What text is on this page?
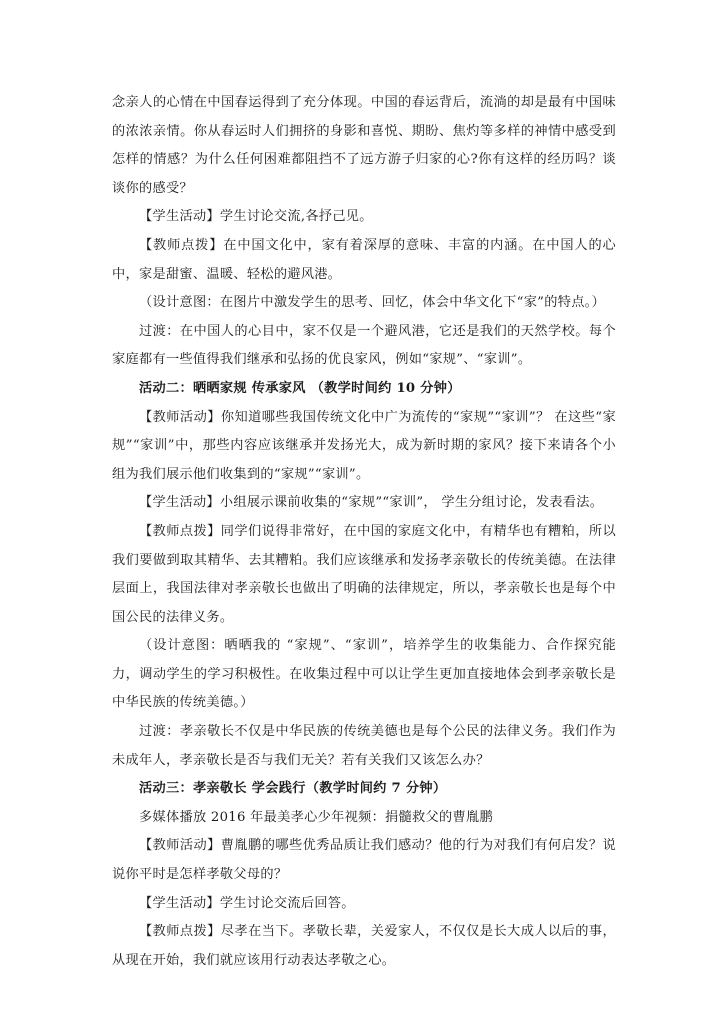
念亲人的心情在中国春运得到了充分体现。中国的春运背后，流淌的却是最有中国味的浓浓亲情。你从春运时人们拥挤的身影和喜悦、期盼、焦灼等多样的神情中感受到怎样的情感？为什么任何困难都阻挡不了远方游子归家的心?你有这样的经历吗？谈谈你的感受？

【学生活动】学生讨论交流,各抒己见。

【教师点拨】在中国文化中，家有着深厚的意味、丰富的内涵。在中国人的心中，家是甜蜜、温暖、轻松的避风港。

（设计意图：在图片中激发学生的思考、回忆，体会中华文化下“家”的特点。）

过渡：在中国人的心目中，家不仅是一个避风港，它还是我们的天然学校。每个家庭都有一些值得我们继承和弘扬的优良家风，例如“家规”、“家训”。

活动二：晒晒家规 传承家风 （教学时间约 10 分钟）

【教师活动】你知道哪些我国传统文化中广为流传的“家规”“家训”？ 在这些“家规”“家训”中，那些内容应该继承并发扬光大，成为新时期的家风？接下来请各个小组为我们展示他们收集到的“家规”“家训”。

【学生活动】小组展示课前收集的“家规”“家训”， 学生分组讨论，发表看法。

【教师点拨】同学们说得非常好，在中国的家庭文化中，有精华也有糟粕，所以我们要做到取其精华、去其糟粕。我们应该继承和发扬孝亲敬长的传统美德。在法律层面上，我国法律对孝亲敬长也做出了明确的法律规定，所以，孝亲敬长也是每个中国公民的法律义务。

（设计意图：晒晒我的 “家规”、“家训”，培养学生的收集能力、合作探究能力，调动学生的学习积极性。在收集过程中可以让学生更加直接地体会到孝亲敬长是中华民族的传统美德。）

过渡：孝亲敬长不仅是中华民族的传统美德也是每个公民的法律义务。我们作为未成年人，孝亲敬长是否与我们无关？若有关我们又该怎么办？

活动三：孝亲敬长 学会践行（教学时间约 7 分钟）

多媒体播放 2016 年最美孝心少年视频：捐髓救父的曹胤鹏

【教师活动】曹胤鹏的哪些优秀品质让我们感动？他的行为对我们有何启发？说说你平时是怎样孝敬父母的？

【学生活动】学生讨论交流后回答。

【教师点拨】尽孝在当下。孝敬长辈，关爱家人，不仅仅是长大成人以后的事，从现在开始，我们就应该用行动表达孝敬之心。
